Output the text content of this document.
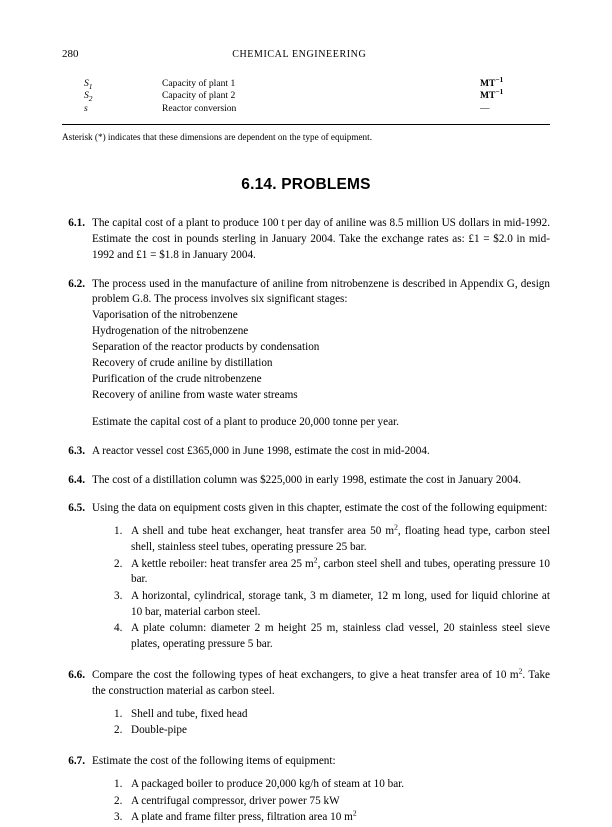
280	CHEMICAL ENGINEERING
$S_1$	Capacity of plant 1	$MT^{-1}$
$S_2$	Capacity of plant 2	$MT^{-1}$
s	Reactor conversion	—
Asterisk (*) indicates that these dimensions are dependent on the type of equipment.
6.14. PROBLEMS
6.1. The capital cost of a plant to produce 100 t per day of aniline was 8.5 million US dollars in mid-1992. Estimate the cost in pounds sterling in January 2004. Take the exchange rates as: £1 = $2.0 in mid-1992 and £1 = $1.8 in January 2004.

6.2. The process used in the manufacture of aniline from nitrobenzene is described in Appendix G, design problem G.8. The process involves six significant stages:

Vaporisation of the nitrobenzene
Hydrogenation of the nitrobenzene
Separation of the reactor products by condensation
Recovery of crude aniline by distillation
Purification of the crude nitrobenzene
Recovery of aniline from waste water streams

Estimate the capital cost of a plant to produce 20,000 tonne per year.

6.3. A reactor vessel cost £365,000 in June 1998, estimate the cost in mid-2004.

6.4. The cost of a distillation column was $225,000 in early 1998, estimate the cost in January 2004.

6.5. Using the data on equipment costs given in this chapter, estimate the cost of the following equipment:

1. A shell and tube heat exchanger, heat transfer area 50 $m^2$, floating head type, carbon steel shell, stainless steel tubes, operating pressure 25 bar.
2. A kettle reboiler: heat transfer area 25 $m^2$, carbon steel shell and tubes, operating pressure 10 bar.
3. A horizontal, cylindrical, storage tank, 3 m diameter, 12 m long, used for liquid chlorine at 10 bar, material carbon steel.
4. A plate column: diameter 2 m height 25 m, stainless clad vessel, 20 stainless steel sieve plates, operating pressure 5 bar.
6.6. Compare the cost the following types of heat exchangers, to give a heat transfer area of 10 $m^2$. Take the construction material as carbon steel.

1. Shell and tube, fixed head
2. Double-pipe
6.7. Estimate the cost of the following items of equipment:

1. A packaged boiler to produce 20,000 kg/h of steam at 10 bar.
2. A centrifugal compressor, driver power 75 kW
3. A plate and frame filter press, filtration area 10 $m^2$
